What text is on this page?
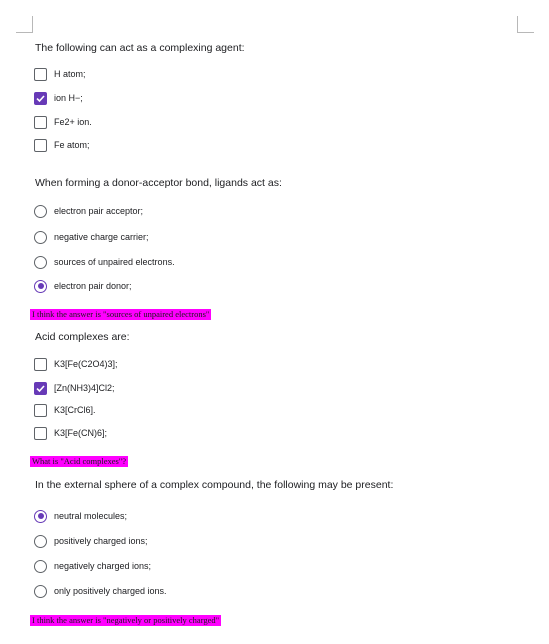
The following can act as a complexing agent:
H atom;
ion H−;
Fe2+ ion.
Fe atom;
When forming a donor-acceptor bond, ligands act as:
electron pair acceptor;
negative charge carrier;
sources of unpaired electrons.
electron pair donor;
I think the answer is "sources of unpaired electrons"
Acid complexes are:
K3[Fe(C2O4)3];
[Zn(NH3)4]Cl2;
K3[CrCl6].
K3[Fe(CN)6];
What is "Acid complexes"?
In the external sphere of a complex compound, the following may be present:
neutral molecules;
positively charged ions;
negatively charged ions;
only positively charged ions.
I think the answer is "negatively or positively charged"
